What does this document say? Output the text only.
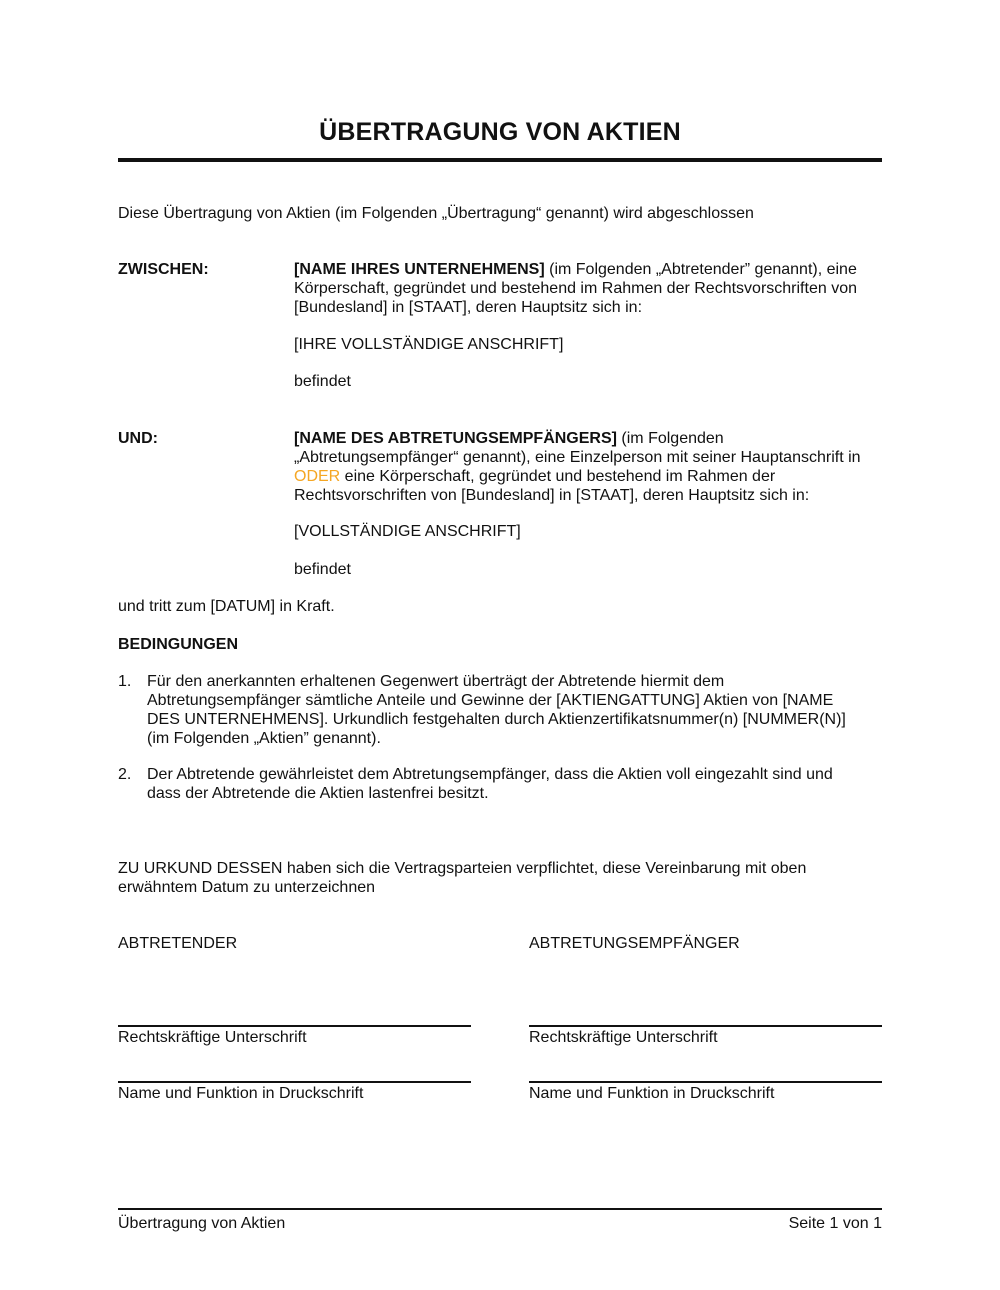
ÜBERTRAGUNG VON AKTIEN
Diese Übertragung von Aktien (im Folgenden „Übertragung“ genannt) wird abgeschlossen
ZWISCHEN:	[NAME IHRES UNTERNEHMENS] (im Folgenden „Abtretender” genannt), eine
Körperschaft, gegründet und bestehend im Rahmen der Rechtsvorschriften von
[Bundesland] in [STAAT], deren Hauptsitz sich in:
[IHRE VOLLSTÄNDIGE ANSCHRIFT]
befindet
UND:	[NAME DES ABTRETUNGSEMPFÄNGERS] (im Folgenden
„Abtretungsempfänger“ genannt), eine Einzelperson mit seiner Hauptanschrift in
ODER eine Körperschaft, gegründet und bestehend im Rahmen der
Rechtsvorschriften von [Bundesland] in [STAAT], deren Hauptsitz sich in:
[VOLLSTÄNDIGE ANSCHRIFT]
befindet
und tritt zum [DATUM] in Kraft.
BEDINGUNGEN
1. Für den anerkannten erhaltenen Gegenwert überträgt der Abtretende hiermit dem
Abtretungsempfänger sämtliche Anteile und Gewinne der [AKTIENGATTUNG] Aktien von [NAME
DES UNTERNEHMENS]. Urkundlich festgehalten durch Aktienzertifikatsnummer(n) [NUMMER(N)]
(im Folgenden „Aktien” genannt).
2. Der Abtretende gewährleistet dem Abtretungsempfänger, dass die Aktien voll eingezahlt sind und
dass der Abtretende die Aktien lastenfrei besitzt.
ZU URKUND DESSEN haben sich die Vertragsparteien verpflichtet, diese Vereinbarung mit oben
erwähntem Datum zu unterzeichnen
ABTRETENDER
Rechtskräftige Unterschrift
Name und Funktion in Druckschrift
ABTRETUNGSEMPFÄNGER
Rechtskräftige Unterschrift
Name und Funktion in Druckschrift
Übertragung von Aktien	Seite 1 von 1
